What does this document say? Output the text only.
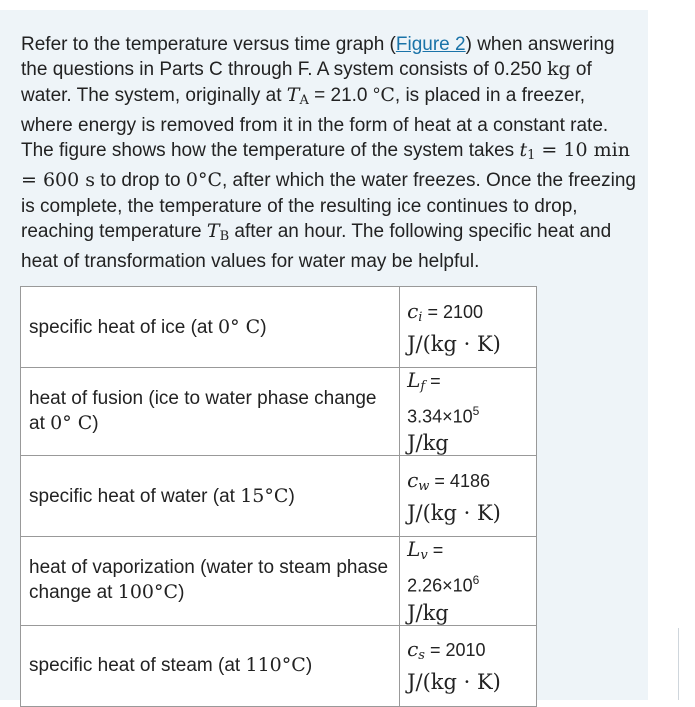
Refer to the temperature versus time graph (Figure 2) when answering the questions in Parts C through F. A system consists of 0.250 kg of water. The system, originally at $T_A = 21.0$ °C, is placed in a freezer, where energy is removed from it in the form of heat at a constant rate. The figure shows how the temperature of the system takes $t_1 = 10$ min = 600 s to drop to 0°C, after which the water freezes. Once the freezing is complete, the temperature of the resulting ice continues to drop, reaching temperature $T_B$ after an hour. The following specific heat and heat of transformation values for water may be helpful.

specific heat of ice (at 0° C)	$c_i = 2100$
J/(kg · K)

heat of fusion (ice to water phase change at 0° C)	$L_f$ =
$3.34\times 10^5$
J/kg

specific heat of water (at 15°C)	$c_w = 4186$
J/(kg · K)

heat of vaporization (water to steam phase change at 100°C)	$L_v$ =
$2.26\times 10^6$
J/kg

specific heat of steam (at 110°C)	$c_s = 2010$
J/(kg · K)
